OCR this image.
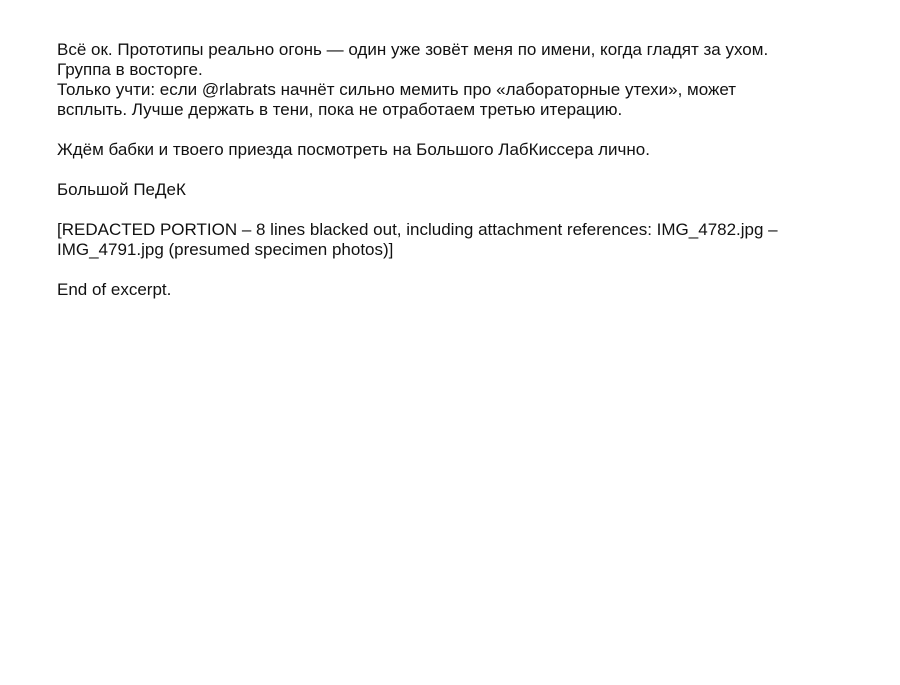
Всё ок. Прототипы реально огонь — один уже зовёт меня по имени, когда гладят за ухом.
Группа в восторге.
Только учти: если @rlabrats начнёт сильно мемить про «лабораторные утехи», может
всплыть. Лучше держать в тени, пока не отработаем третью итерацию.

Ждём бабки и твоего приезда посмотреть на Большого ЛабКиссера лично.

Большой ПеДеК

[REDACTED PORTION – 8 lines blacked out, including attachment references: IMG_4782.jpg –
IMG_4791.jpg (presumed specimen photos)]

End of excerpt.
